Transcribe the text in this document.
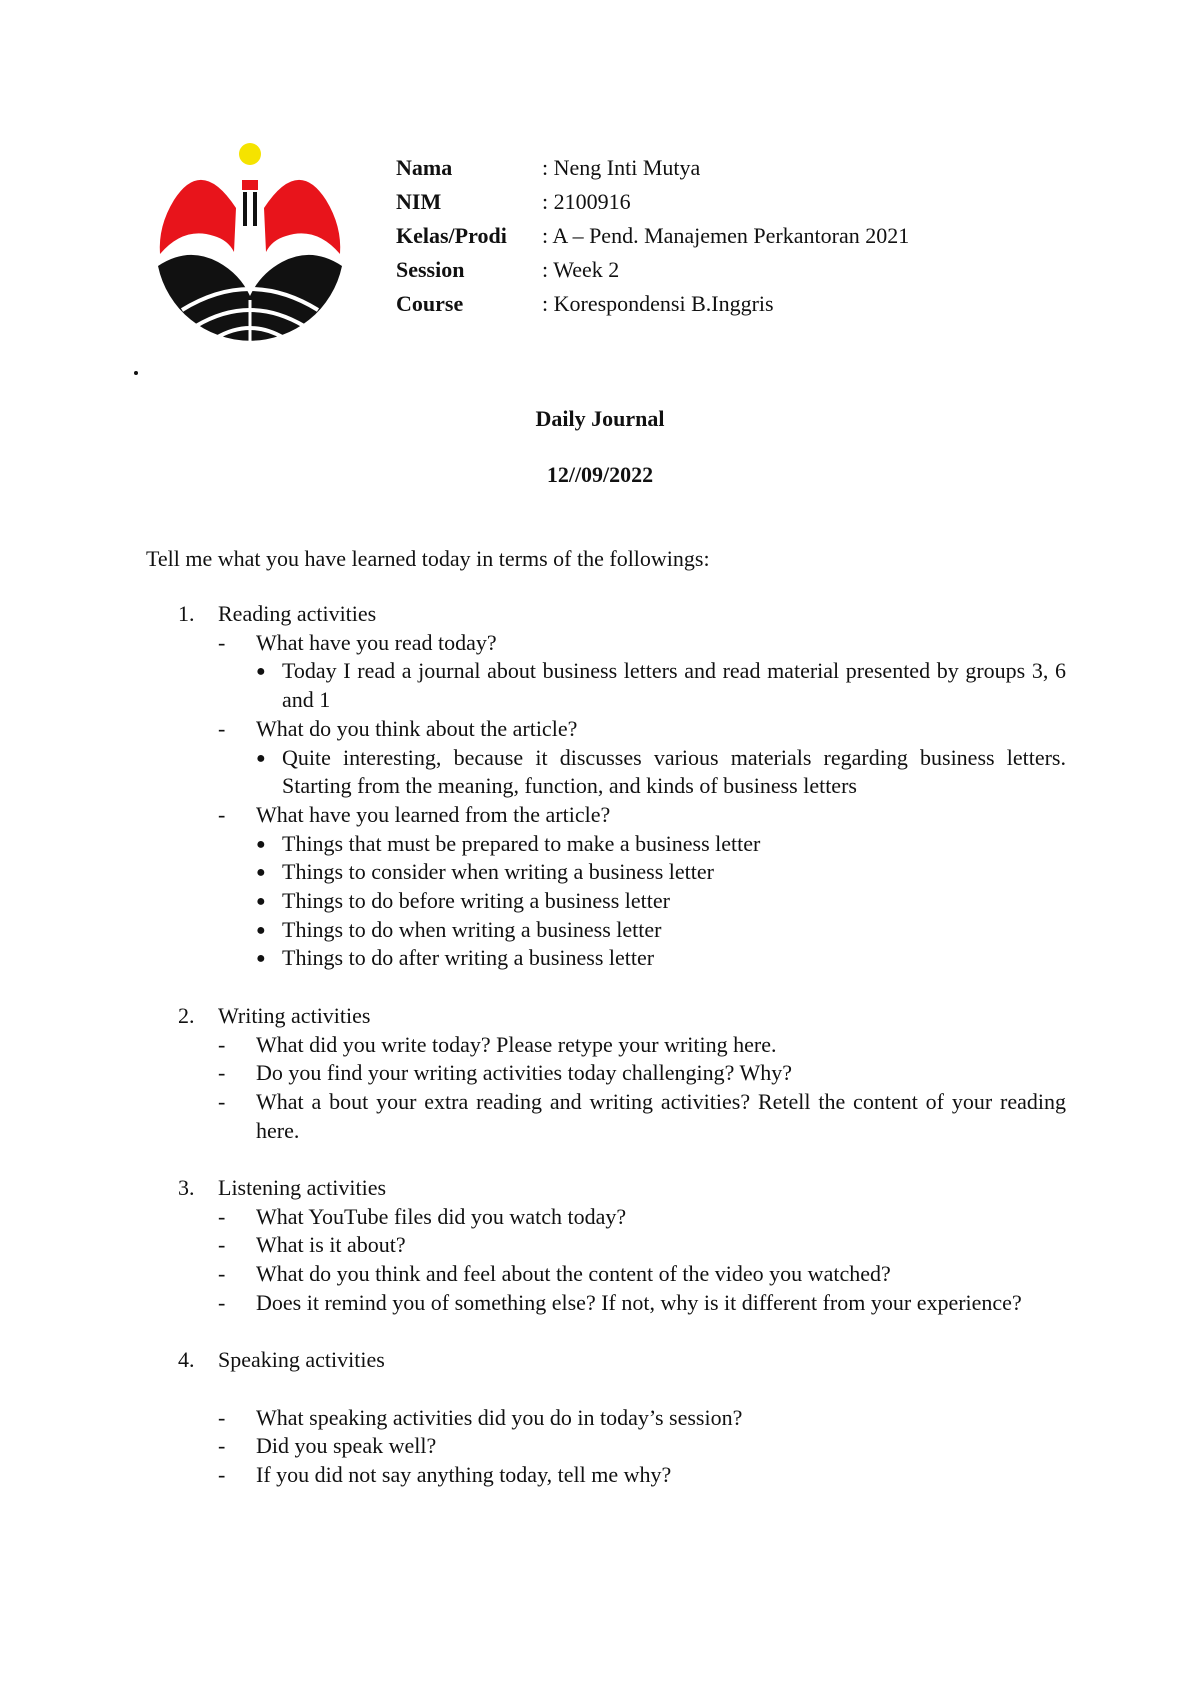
Nama	: Neng Inti Mutya
NIM	: 2100916
Kelas/Prodi	: A – Pend. Manajemen Perkantoran 2021
Session	: Week 2
Course	: Korespondensi B.Inggris
Daily Journal
12//09/2022
Tell me what you have learned today in terms of the followings:
1.	Reading activities
-	What have you read today?
● Today I read a journal about business letters and read material presented by groups 3, 6 and 1
-	What do you think about the article?
● Quite interesting, because it discusses various materials regarding business letters. Starting from the meaning, function, and kinds of business letters
-	What have you learned from the article?
● Things that must be prepared to make a business letter
● Things to consider when writing a business letter
● Things to do before writing a business letter
● Things to do when writing a business letter
● Things to do after writing a business letter
2.	Writing activities
-	What did you write today? Please retype your writing here.
-	Do you find your writing activities today challenging? Why?
-	What a bout your extra reading and writing activities? Retell the content of your reading here.
3.	Listening activities
-	What YouTube files did you watch today?
-	What is it about?
-	What do you think and feel about the content of the video you watched?
-	Does it remind you of something else? If not, why is it different from your experience?
4.	Speaking activities
-	What speaking activities did you do in today’s session?
-	Did you speak well?
-	If you did not say anything today, tell me why?
